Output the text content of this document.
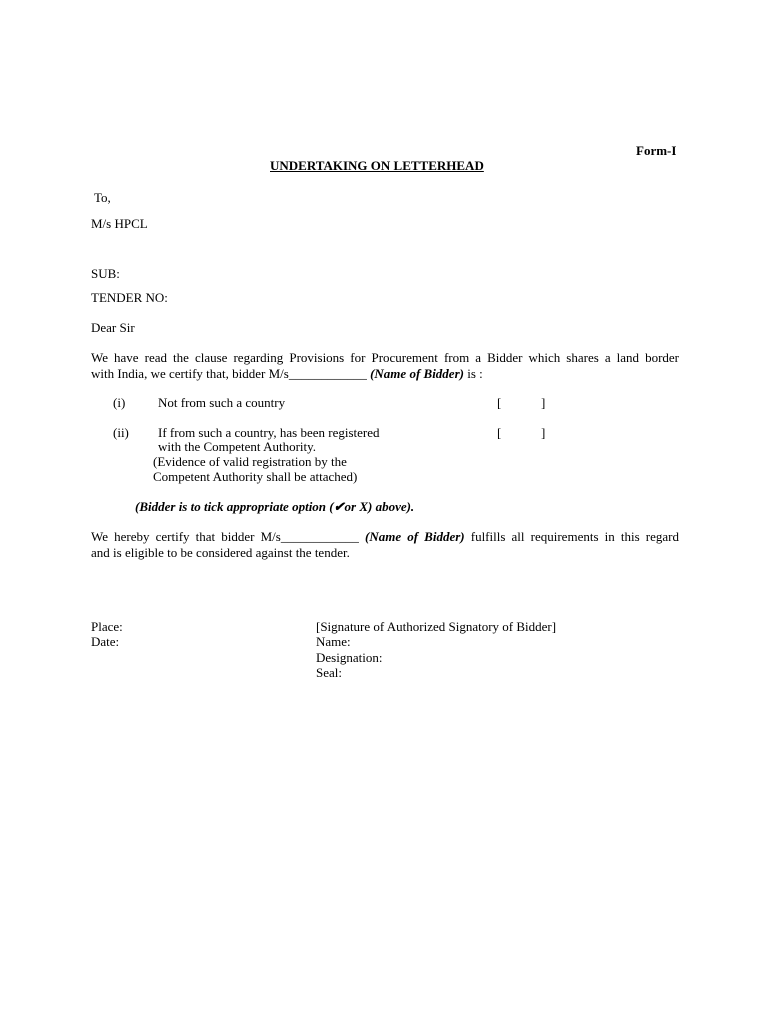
Form-I
UNDERTAKING ON LETTERHEAD
To,
M/s HPCL
SUB:
TENDER NO:
Dear Sir
We have read the clause regarding Provisions for Procurement from a Bidder which shares a land border
with India, we certify that, bidder M/s____________ (Name of Bidder) is :
(i)	Not from such a country	[	]
(ii) If from such a country, has been registered
with the Competent Authority.
(Evidence of valid registration by the
Competent Authority shall be attached)
[	]
(Bidder is to tick appropriate option (✔or X) above).
We hereby certify that bidder M/s____________ (Name of Bidder) fulfills all requirements in this regard
and is eligible to be considered against the tender.
Place:
Date:
[Signature of Authorized Signatory of Bidder]
Name:
Designation:
Seal:
